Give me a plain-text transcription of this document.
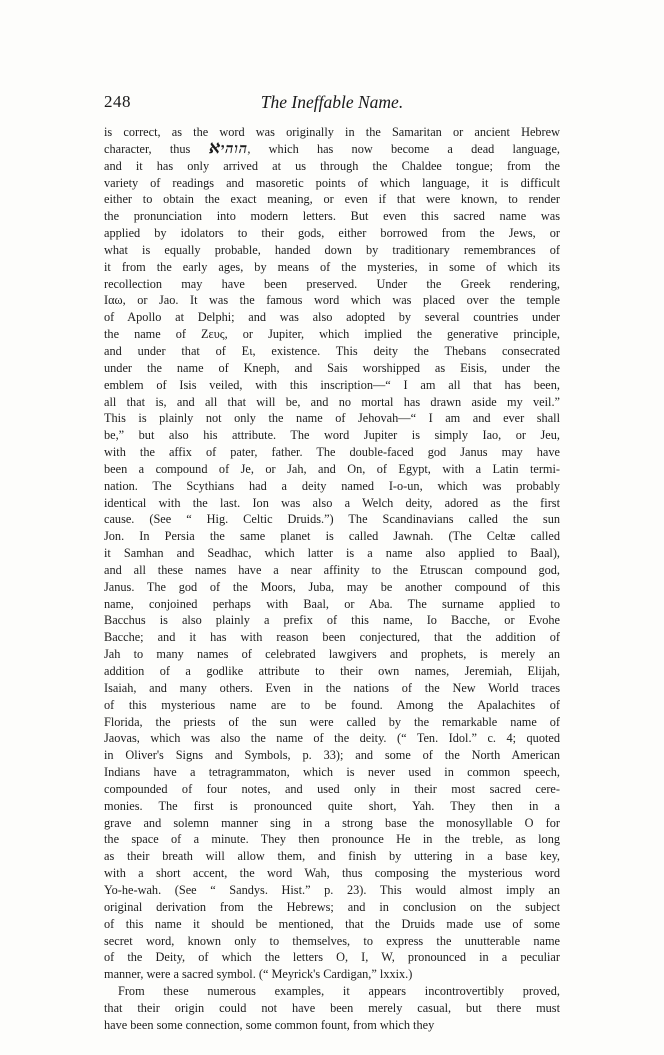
248	The Ineffable Name.
is correct, as the word was originally in the Samaritan or ancient Hebrew
character, thus ℵהוהי, which has now become a dead language,
and it has only arrived at us through the Chaldee tongue; from the
variety of readings and masoretic points of which language, it is difficult
either to obtain the exact meaning, or even if that were known, to render
the pronunciation into modern letters. But even this sacred name was
applied by idolators to their gods, either borrowed from the Jews, or
what is equally probable, handed down by traditionary remembrances of
it from the early ages, by means of the mysteries, in some of which its
recollection may have been preserved. Under the Greek rendering,
Ιαω, or Jao. It was the famous word which was placed over the temple
of Apollo at Delphi; and was also adopted by several countries under
the name of Ζευς, or Jupiter, which implied the generative principle,
and under that of Ει, existence. This deity the Thebans consecrated
under the name of Kneph, and Sais worshipped as Eisis, under the
emblem of Isis veiled, with this inscription—“ I am all that has been,
all that is, and all that will be, and no mortal has drawn aside my veil.”
This is plainly not only the name of Jehovah—“ I am and ever shall
be,” but also his attribute. The word Jupiter is simply Iao, or Jeu,
with the affix of pater, father. The double-faced god Janus may have
been a compound of Je, or Jah, and On, of Egypt, with a Latin termi-
nation. The Scythians had a deity named I-o-un, which was probably
identical with the last. Ion was also a Welch deity, adored as the first
cause. (See “ Hig. Celtic Druids.”) The Scandinavians called the sun
Jon. In Persia the same planet is called Jawnah. (The Celtæ called
it Samhan and Seadhac, which latter is a name also applied to Baal),
and all these names have a near affinity to the Etruscan compound god,
Janus. The god of the Moors, Juba, may be another compound of this
name, conjoined perhaps with Baal, or Aba. The surname applied to
Bacchus is also plainly a prefix of this name, Io Bacche, or Evohe
Bacche; and it has with reason been conjectured, that the addition of
Jah to many names of celebrated lawgivers and prophets, is merely an
addition of a godlike attribute to their own names, Jeremiah, Elijah,
Isaiah, and many others. Even in the nations of the New World traces
of this mysterious name are to be found. Among the Apalachites of
Florida, the priests of the sun were called by the remarkable name of
Jaovas, which was also the name of the deity. (“ Ten. Idol.” c. 4; quoted
in Oliver's Signs and Symbols, p. 33); and some of the North American
Indians have a tetragrammaton, which is never used in common speech,
compounded of four notes, and used only in their most sacred cere-
monies. The first is pronounced quite short, Yah. They then in a
grave and solemn manner sing in a strong base the monosyllable O for
the space of a minute. They then pronounce He in the treble, as long
as their breath will allow them, and finish by uttering in a base key,
with a short accent, the word Wah, thus composing the mysterious word
Yo-he-wah. (See “ Sandys. Hist.” p. 23). This would almost imply an
original derivation from the Hebrews; and in conclusion on the subject
of this name it should be mentioned, that the Druids made use of some
secret word, known only to themselves, to express the unutterable name
of the Deity, of which the letters O, I, W, pronounced in a peculiar
manner, were a sacred symbol. (“ Meyrick's Cardigan,” lxxix.)
From these numerous examples, it appears incontrovertibly proved,
that their origin could not have been merely casual, but there must
have been some connection, some common fount, from which they
